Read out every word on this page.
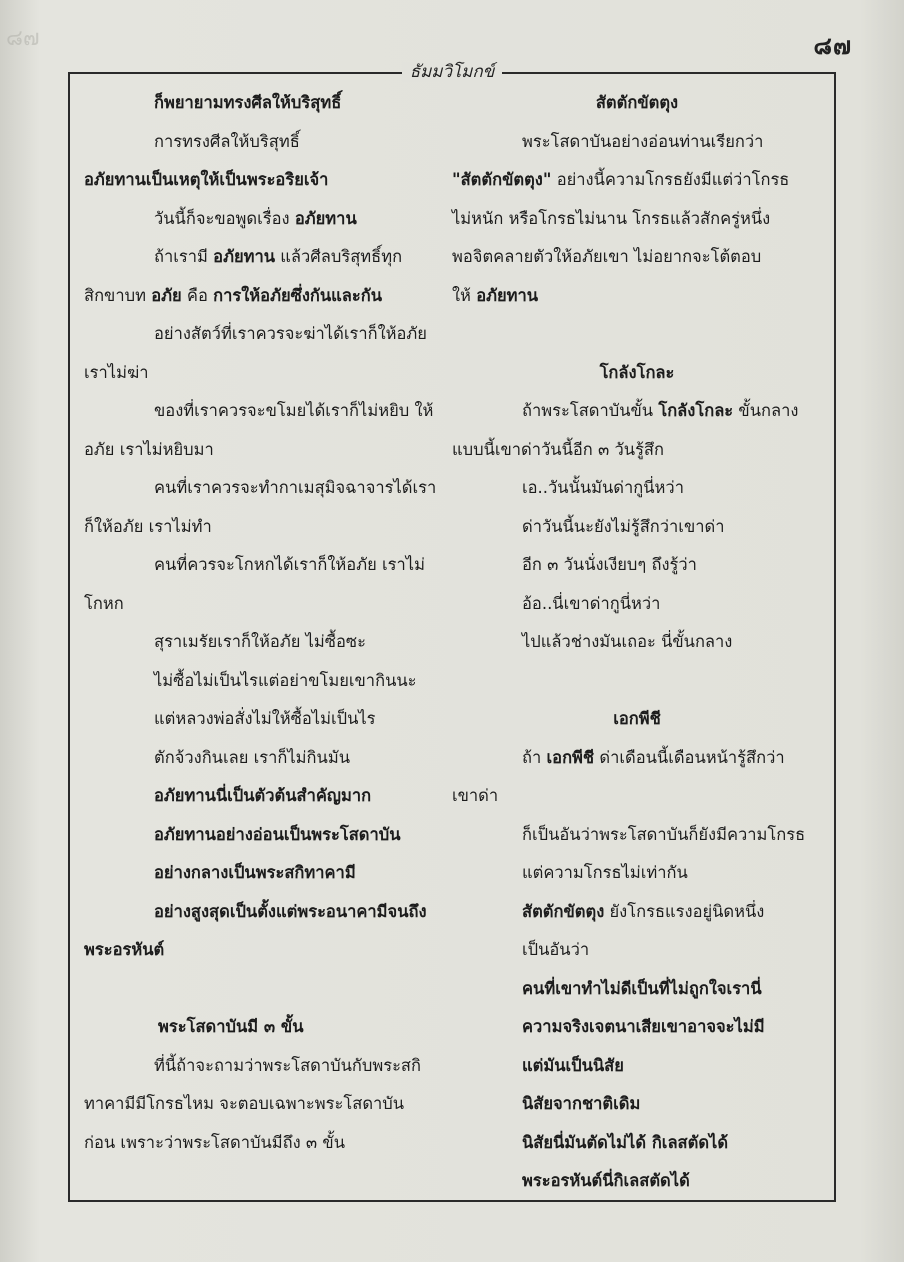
๘๗	๘๗
ธัมมวิโมกข์
ก็พยายามทรงศีลให้บริสุทธิ์
การทรงศีลให้บริสุทธิ์
อภัยทานเป็นเหตุให้เป็นพระอริยเจ้า
วันนี้ก็จะขอพูดเรื่อง อภัยทาน
ถ้าเรามี อภัยทาน แล้วศีลบริสุทธิ์ทุก
สิกขาบท อภัย คือ การให้อภัยซึ่งกันและกัน
อย่างสัตว์ที่เราควรจะฆ่าได้เราก็ให้อภัย
เราไม่ฆ่า
ของที่เราควรจะขโมยได้เราก็ไม่หยิบ ให้
อภัย เราไม่หยิบมา
คนที่เราควรจะทำกาเมสุมิจฉาจารได้เรา
ก็ให้อภัย เราไม่ทำ
คนที่ควรจะโกหกได้เราก็ให้อภัย เราไม่
โกหก
สุราเมรัยเราก็ให้อภัย ไม่ซื้อซะ
ไม่ซื้อไม่เป็นไรแต่อย่าขโมยเขากินนะ
แต่หลวงพ่อสั่งไม่ให้ซื้อไม่เป็นไร
ตักจ้วงกินเลย เราก็ไม่กินมัน
อภัยทานนี่เป็นตัวต้นสำคัญมาก
อภัยทานอย่างอ่อนเป็นพระโสดาบัน
อย่างกลางเป็นพระสกิทาคามี
อย่างสูงสุดเป็นตั้งแต่พระอนาคามีจนถึง
พระอรหันต์
พระโสดาบันมี ๓ ขั้น
ที่นี้ถ้าจะถามว่าพระโสดาบันกับพระสกิ
ทาคามีมีโกรธไหม จะตอบเฉพาะพระโสดาบัน
ก่อน เพราะว่าพระโสดาบันมีถึง ๓ ขั้น
สัตตักขัตตุง
พระโสดาบันอย่างอ่อนท่านเรียกว่า
"สัตตักขัตตุง" อย่างนี้ความโกรธยังมีแต่ว่าโกรธ
ไม่หนัก หรือโกรธไม่นาน โกรธแล้วสักครู่หนึ่ง
พอจิตคลายตัวให้อภัยเขา ไม่อยากจะโต้ตอบ
ให้ อภัยทาน
โกลังโกละ
ถ้าพระโสดาบันขั้น โกลังโกละ ขั้นกลาง
แบบนี้เขาด่าวันนี้อีก ๓ วันรู้สึก
เอ..วันนั้นมันด่ากูนี่หว่า
ด่าวันนี้นะยังไม่รู้สึกว่าเขาด่า
อีก ๓ วันนั่งเงียบๆ ถึงรู้ว่า
อ้อ..นี่เขาด่ากูนี่หว่า
ไปแล้วช่างมันเถอะ นี่ขั้นกลาง
เอกพีชี
ถ้า เอกพีชี ด่าเดือนนี้เดือนหน้ารู้สึกว่า
เขาด่า
ก็เป็นอันว่าพระโสดาบันก็ยังมีความโกรธ
แต่ความโกรธไม่เท่ากัน
สัตตักขัตตุง ยังโกรธแรงอยู่นิดหนึ่ง
เป็นอันว่า
คนที่เขาทำไม่ดีเป็นที่ไม่ถูกใจเรานี่
ความจริงเจตนาเสียเขาอาจจะไม่มี
แต่มันเป็นนิสัย
นิสัยจากชาติเดิม
นิสัยนี่มันตัดไม่ได้ กิเลสตัดได้
พระอรหันต์นี่กิเลสตัดได้
